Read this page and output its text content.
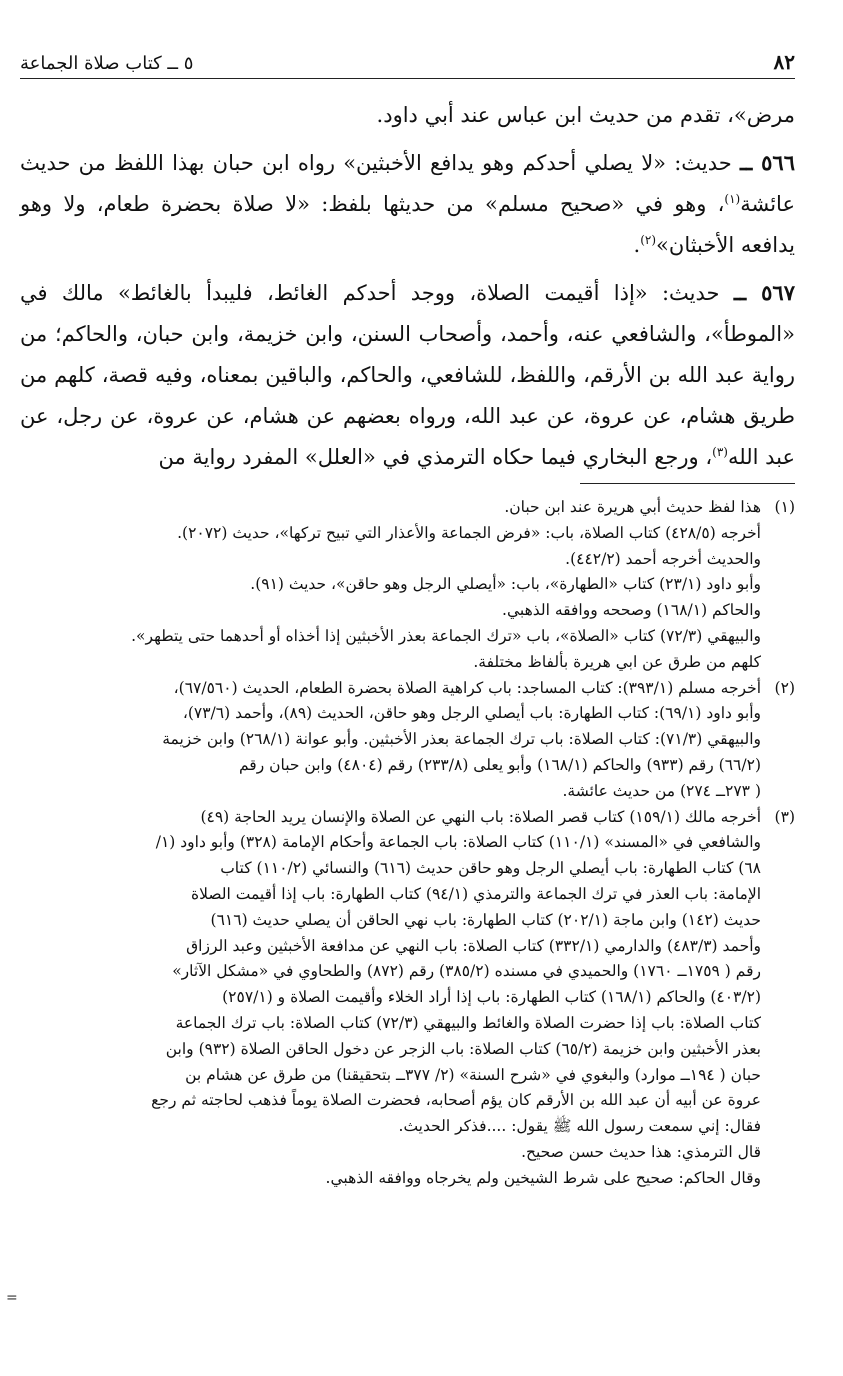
٨٢
٥ ــ كتاب صلاة الجماعة

مرض»، تقدم من حديث ابن عباس عند أبي داود.

٥٦٦ ــ حديث: «لا يصلي أحدكم وهو يدافع الأخبثين» رواه ابن حبان بهذا اللفظ من حديث عائشة$^{(١)}$، وهو في «صحيح مسلم» من حديثها بلفظ: «لا صلاة بحضرة طعام، ولا وهو يدافعه الأخبثان»$^{(٢)}$.

٥٦٧ ــ حديث: «إذا أقيمت الصلاة، ووجد أحدكم الغائط، فليبدأ بالغائط» مالك في «الموطأ»، والشافعي عنه، وأحمد، وأصحاب السنن، وابن خزيمة، وابن حبان، والحاكم؛ من رواية عبد الله بن الأرقم، واللفظ، للشافعي، والحاكم، والباقين بمعناه، وفيه قصة، كلهم من طريق هشام، عن عروة، عن عبد الله، ورواه بعضهم عن هشام، عن عروة، عن رجل، عن عبد الله$^{(٣)}$، ورجع البخاري فيما حكاه الترمذي في «العلل» المفرد رواية من

(١)
هذا لفظ حديث أبي هريرة عند ابن حبان.
أخرجه (٤٢٨/٥) كتاب الصلاة، باب: «فرض الجماعة والأعذار التي تبيح تركها»، حديث (٢٠٧٢).
والحديث أخرجه أحمد (٤٤٢/٢).
وأبو داود (٢٣/١) كتاب «الطهارة»، باب: «أيصلي الرجل وهو حاقن»، حديث (٩١).
والحاكم (١٦٨/١) وصححه ووافقه الذهبي.
والبيهقي (٧٢/٣) كتاب «الصلاة»، باب «ترك الجماعة بعذر الأخبثين إذا أخذاه أو أحدهما حتى يتطهر».
كلهم من طرق عن ابي هريرة بألفاظ مختلفة.
(٢)
أخرجه مسلم (٣٩٣/١): كتاب المساجد: باب كراهية الصلاة بحضرة الطعام، الحديث (٦٧/٥٦٠)،
وأبو داود (٦٩/١): كتاب الطهارة: باب أيصلي الرجل وهو حاقن، الحديث (٨٩)، وأحمد (٧٣/٦)،
والبيهقي (٧١/٣): كتاب الصلاة: باب ترك الجماعة بعذر الأخبثين. وأبو عوانة (٢٦٨/١) وابن خزيمة
(٦٦/٢) رقم (٩٣٣) والحاكم (١٦٨/١) وأبو يعلى (٢٣٣/٨) رقم (٤٨٠٤) وابن حبان رقم
( ٢٧٣ــ ٢٧٤) من حديث عائشة.
(٣)
أخرجه مالك (١٥٩/١) كتاب قصر الصلاة: باب النهي عن الصلاة والإنسان يريد الحاجة (٤٩)
والشافعي في «المسند» (١١٠/١) كتاب الصلاة: باب الجماعة وأحكام الإمامة (٣٢٨) وأبو داود (١/
٦٨) كتاب الطهارة: باب أيصلي الرجل وهو حاقن حديث (٦١٦) والنسائي (١١٠/٢) كتاب
الإمامة: باب العذر في ترك الجماعة والترمذي (٩٤/١) كتاب الطهارة: باب إذا أقيمت الصلاة
حديث (١٤٢) وابن ماجة (٢٠٢/١) كتاب الطهارة: باب نهي الحاقن أن يصلي حديث (٦١٦)
وأحمد (٤٨٣/٣) والدارمي (٣٣٢/١) كتاب الصلاة: باب النهي عن مدافعة الأخبثين وعبد الرزاق
رقم ( ١٧٥٩ــ ١٧٦٠) والحميدي في مسنده (٣٨٥/٢) رقم (٨٧٢) والطحاوي في «مشكل الآثار»
(٤٠٣/٢) والحاكم (١٦٨/١) كتاب الطهارة: باب إذا أراد الخلاء وأقيمت الصلاة و (٢٥٧/١)
كتاب الصلاة: باب إذا حضرت الصلاة والغائط والبيهقي (٧٢/٣) كتاب الصلاة: باب ترك الجماعة
بعذر الأخبثين وابن خزيمة (٦٥/٢) كتاب الصلاة: باب الزجر عن دخول الحاقن الصلاة (٩٣٢) وابن
حبان ( ١٩٤ــ موارد) والبغوي في «شرح السنة» (٢/ ٣٧٧ــ بتحقيقنا) من طرق عن هشام بن
عروة عن أبيه أن عبد الله بن الأرقم كان يؤم أصحابه، فحضرت الصلاة يوماً فذهب لحاجته ثم رجع
فقال: إني سمعت رسول الله ﷺ يقول: ....فذكر الحديث.
قال الترمذي: هذا حديث حسن صحيح.
وقال الحاكم: صحيح على شرط الشيخين ولم يخرجاه ووافقه الذهبي.
=
